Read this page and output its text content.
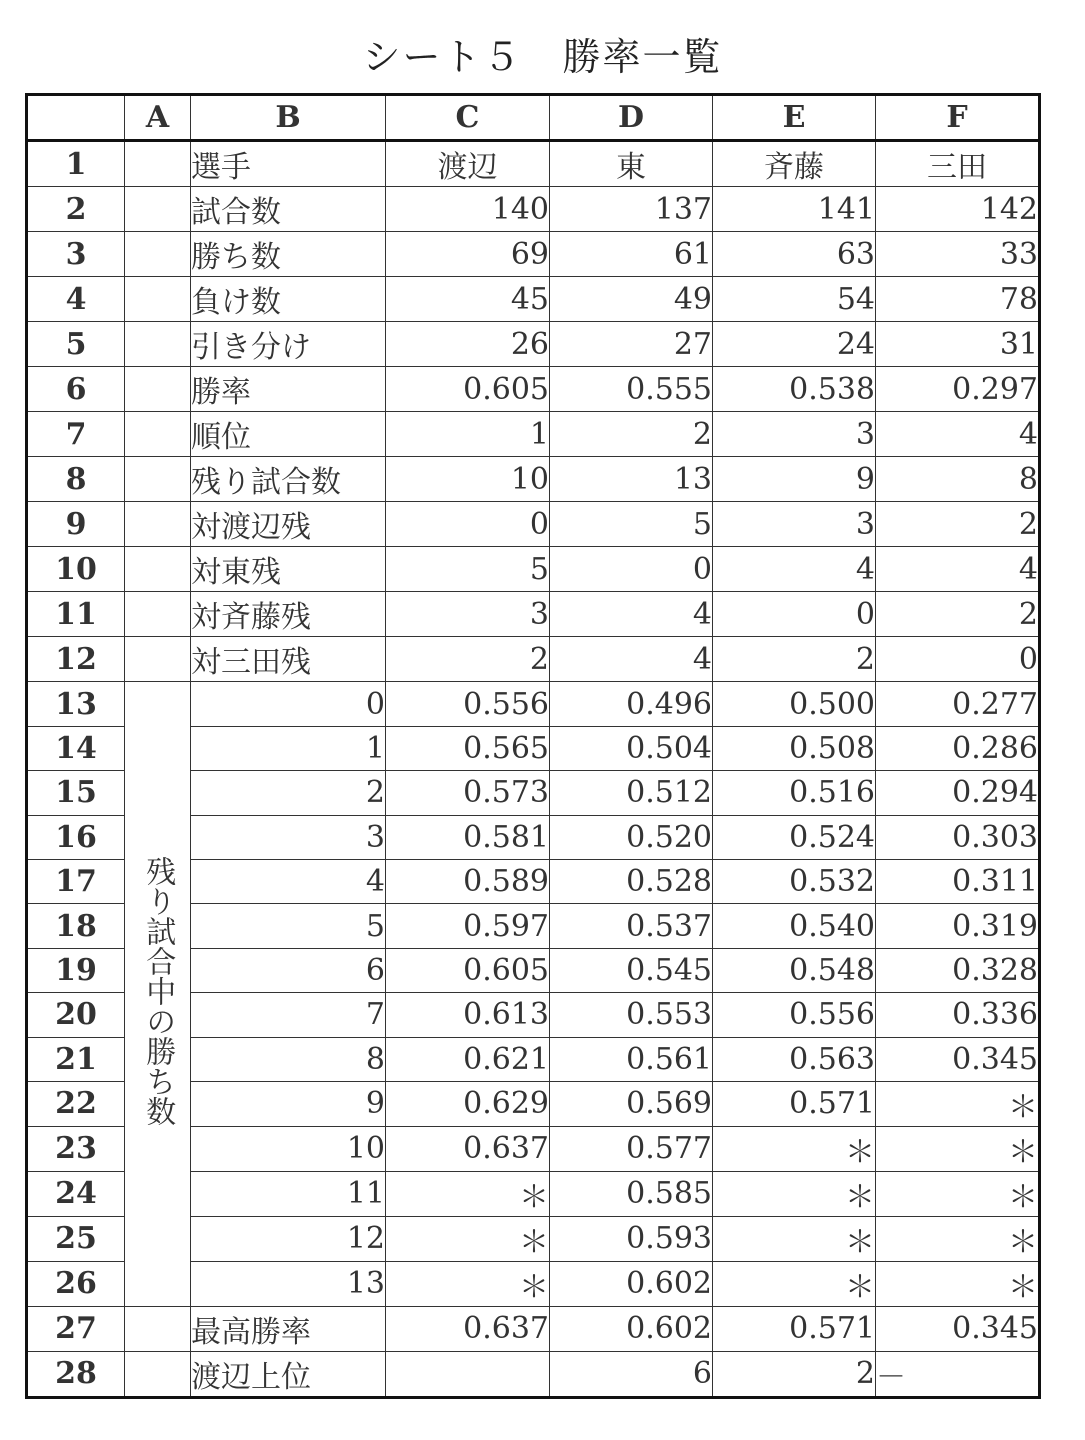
シート５　勝率一覧
	A	B	C	D	E	F
1		選手	渡辺	東	斉藤	三田
2		試合数	140	137	141	142
3		勝ち数	69	61	63	33
4		負け数	45	49	54	78
5		引き分け	26	27	24	31
6		勝率	0.605	0.555	0.538	0.297
7		順位	1	2	3	4
8		残り試合数	10	13	9	8
9		対渡辺残	0	5	3	2
10		対東残	5	0	4	4
11		対斉藤残	3	4	0	2
12		対三田残	2	4	2	0
13	残り試合中の勝ち数	0	0.556	0.496	0.500	0.277
14		1	0.565	0.504	0.508	0.286
15		2	0.573	0.512	0.516	0.294
16		3	0.581	0.520	0.524	0.303
17		4	0.589	0.528	0.532	0.311
18		5	0.597	0.537	0.540	0.319
19		6	0.605	0.545	0.548	0.328
20		7	0.613	0.553	0.556	0.336
21		8	0.621	0.561	0.563	0.345
22		9	0.629	0.569	0.571	＊
23		10	0.637	0.577	＊	＊
24		11	＊	0.585	＊	＊
25		12	＊	0.593	＊	＊
26		13	＊	0.602	＊	＊
27		最高勝率	0.637	0.602	0.571	0.345
28		渡辺上位		6	2	－
